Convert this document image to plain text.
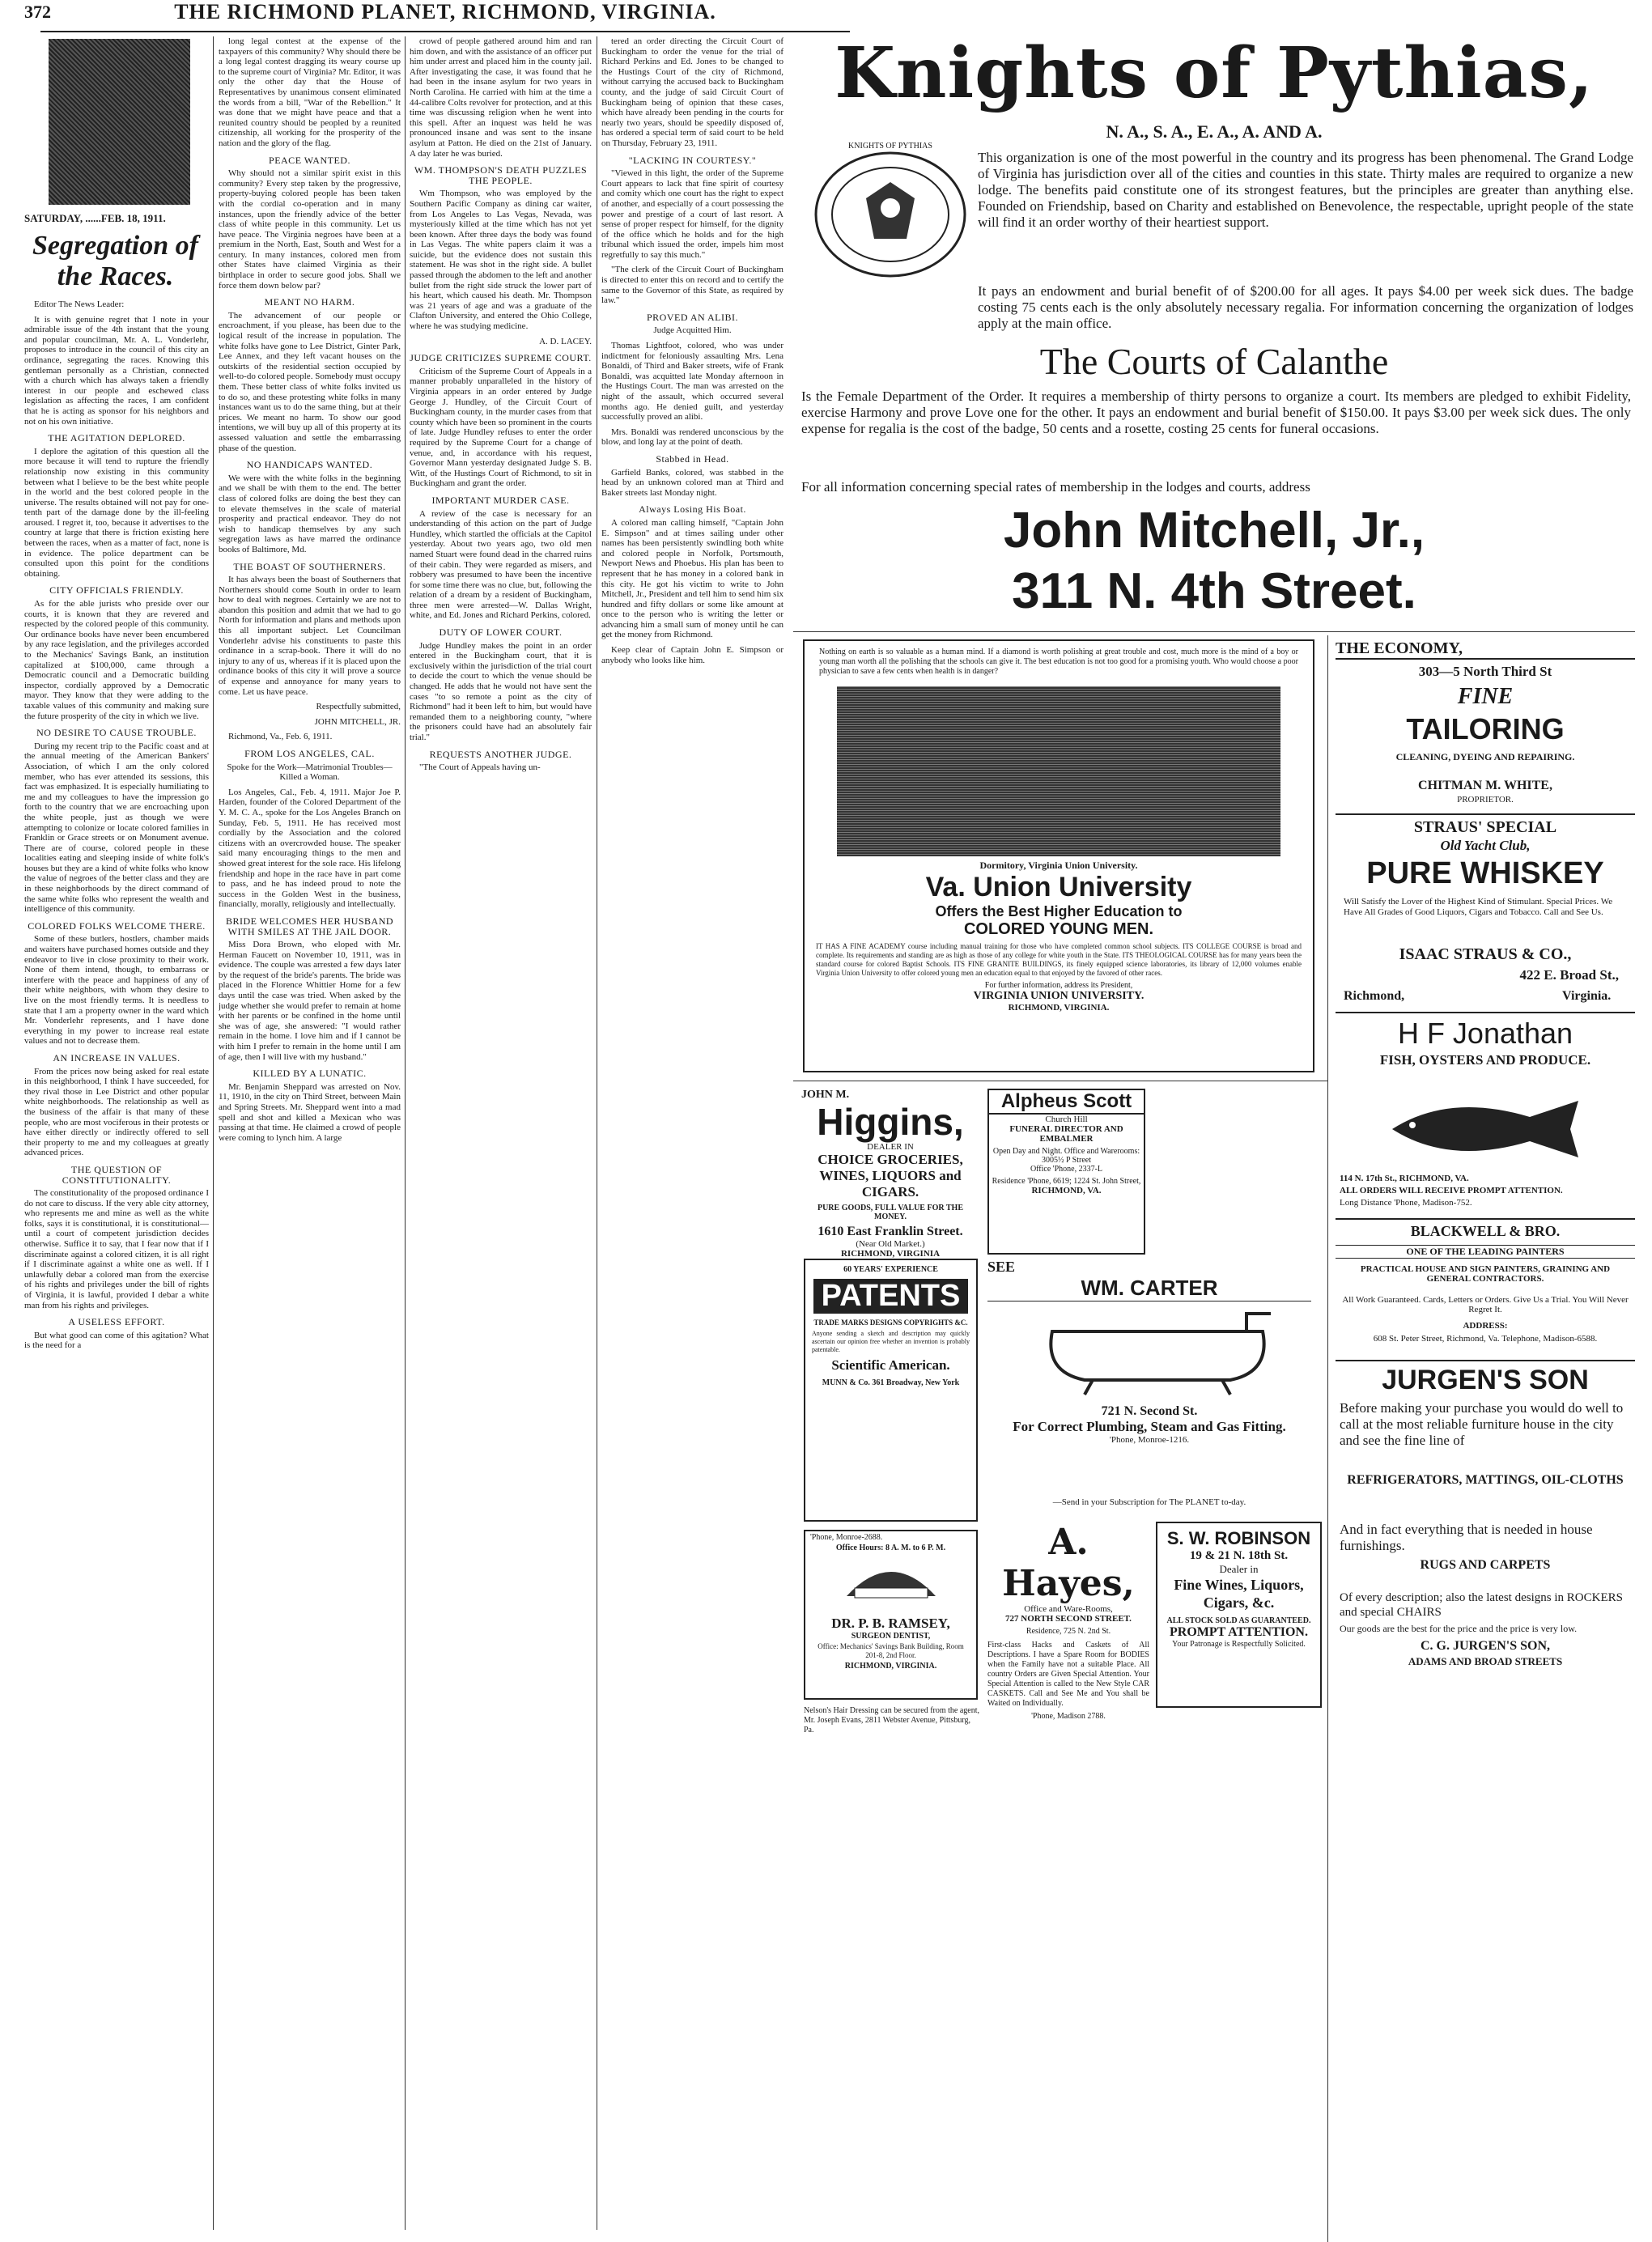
372	THE RICHMOND PLANET, RICHMOND, VIRGINIA.
SATURDAY, ......FEB. 18, 1911.
Segregation of the Races.

Editor The News Leader:

It is with genuine regret that I note in your admirable issue of the 4th instant that the young and popular councilman, Mr. A. L. Vonderlehr, proposes to introduce in the council of this city an ordinance, segregating the races. Knowing this gentleman personally as a Christian, connected with a church which has always taken a friendly interest in our people and eschewed class legislation as affecting the races, I am confident that he is acting as sponsor for his neighbors and not on his own initiative.

THE AGITATION DEPLORED.

I deplore the agitation of this question all the more because it will tend to rupture the friendly relationship now existing in this community between what I believe to be the best white people in the world and the best colored people in the universe. The results obtained will not pay for one-tenth part of the damage done by the ill-feeling aroused. I regret it, too, because it advertises to the country at large that there is friction existing here between the races, when as a matter of fact, none is in evidence. The police department can be consulted upon this point for the conditions obtaining.

CITY OFFICIALS FRIENDLY.

As for the able jurists who preside over our courts, it is known that they are revered and respected by the colored people of this community. Our ordinance books have never been encumbered by any race legislation, and the privileges accorded to the Mechanics' Savings Bank, an institution capitalized at $100,000, came through a Democratic council and a Democratic building inspector, cordially approved by a Democratic mayor. They know that they were adding to the taxable values of this community and making sure the future prosperity of the city in which we live.

NO DESIRE TO CAUSE TROUBLE.

During my recent trip to the Pacific coast and at the annual meeting of the American Bankers' Association, of which I am the only colored member, who has ever attended its sessions, this fact was emphasized. It is especially humiliating to me and my colleagues to have the impression go forth to the country that we are encroaching upon the white people, just as though we were attempting to colonize or locate colored families in Franklin or Grace streets or on Monument avenue. There are of course, colored people in these localities eating and sleeping inside of white folk's houses but they are a kind of white folks who know the value of negroes of the better class and they are in these neighborhoods by the direct command of the same white folks who represent the wealth and intelligence of this community.

COLORED FOLKS WELCOME THERE.

Some of these butlers, hostlers, chamber maids and waiters have purchased homes outside and they endeavor to live in close proximity to their work. None of them intend, though, to embarrass or interfere with the peace and happiness of any of their white neighbors, with whom they desire to live on the most friendly terms. It is needless to state that I am a property owner in the ward which Mr. Vonderlehr represents, and I have done everything in my power to increase real estate values and not to decrease them.

AN INCREASE IN VALUES.

From the prices now being asked for real estate in this neighborhood, I think I have succeeded, for they rival those in Lee District and other popular white neighborhoods. The relationship as well as the business of the affair is that many of these people, who are most vociferous in their protests or have either directly or indirectly offered to sell their property to me and my colleagues at greatly advanced prices.

THE QUESTION OF CONSTITUTIONALITY.

The constitutionality of the proposed ordinance I do not care to discuss. If the very able city attorney, who represents me and mine as well as the white folks, says it is constitutional, it is constitutional—until a court of competent jurisdiction decides otherwise. Suffice it to say, that I fear now that if I discriminate against a colored citizen, it is all right if I discriminate against a white one as well. If I unlawfully debar a colored man from the exercise of his rights and privileges under the bill of rights of Virginia, it is lawful, provided I debar a white man from his rights and privileges.

A USELESS EFFORT.

But what good can come of this agitation? What is the need for a

long legal contest at the expense of the taxpayers of this community? Why should there be a long legal contest dragging its weary course up to the supreme court of Virginia? Mr. Editor, it was only the other day that the House of Representatives by unanimous consent eliminated the words from a bill, "War of the Rebellion." It was done that we might have peace and that a reunited country should be peopled by a reunited citizenship, all working for the prosperity of the nation and the glory of the flag.

PEACE WANTED.

Why should not a similar spirit exist in this community? Every step taken by the progressive, property-buying colored people has been taken with the cordial co-operation and in many instances, upon the friendly advice of the better class of white people in this community. Let us have peace. The Virginia negroes have been at a premium in the North, East, South and West for a century. In many instances, colored men from other States have claimed Virginia as their birthplace in order to secure good jobs. Shall we force them down below par?

MEANT NO HARM.

The advancement of our people or encroachment, if you please, has been due to the logical result of the increase in population. The white folks have gone to Lee District, Ginter Park, Lee Annex, and they left vacant houses on the outskirts of the residential section occupied by well-to-do colored people. Somebody must occupy them. These better class of white folks invited us to do so, and these protesting white folks in many instances want us to do the same thing, but at their prices. We meant no harm. To show our good intentions, we will buy up all of this property at its assessed valuation and settle the embarrassing phase of the question.

NO HANDICAPS WANTED.

We were with the white folks in the beginning and we shall be with them to the end. The better class of colored folks are doing the best they can to elevate themselves in the scale of material prosperity and practical endeavor. They do not wish to handicap themselves by any such segregation laws as have marred the ordinance books of Baltimore, Md.

THE BOAST OF SOUTHERNERS.

It has always been the boast of Southerners that Northerners should come South in order to learn how to deal with negroes. Certainly we are not to abandon this position and admit that we had to go North for information and plans and methods upon this all important subject. Let Councilman Vonderlehr advise his constituents to paste this ordinance in a scrap-book. There it will do no injury to any of us, whereas if it is placed upon the ordinance books of this city it will prove a source of expense and annoyance for many years to come. Let us have peace.

Respectfully submitted,

JOHN MITCHELL, JR.

Richmond, Va., Feb. 6, 1911.

FROM LOS ANGELES, CAL.

Spoke for the Work—Matrimonial Troubles—Killed a Woman.

Los Angeles, Cal., Feb. 4, 1911. Major Joe P. Harden, founder of the Colored Department of the Y. M. C. A., spoke for the Los Angeles Branch on Sunday, Feb. 5, 1911. He has received most cordially by the Association and the colored citizens with an overcrowded house. The speaker said many encouraging things to the men and showed great interest for the sole race. His lifelong friendship and hope in the race have in part come to pass, and he has indeed proud to note the success in the Golden West in the business, financially, morally, religiously and intellectually.

BRIDE WELCOMES HER HUSBAND WITH SMILES AT THE JAIL DOOR.

Miss Dora Brown, who eloped with Mr. Herman Faucett on November 10, 1911, was in evidence. The couple was arrested a few days later by the request of the bride's parents. The bride was placed in the Florence Whittier Home for a few days until the case was tried. When asked by the judge whether she would prefer to remain at home with her parents or be confined in the home until she was of age, she answered: "I would rather remain in the home. I love him and if I cannot be with him I prefer to remain in the home until I am of age, then I will live with my husband."

KILLED BY A LUNATIC.

Mr. Benjamin Sheppard was arrested on Nov. 11, 1910, in the city on Third Street, between Main and Spring Streets. Mr. Sheppard went into a mad spell and shot and killed a Mexican who was passing at that time. He claimed a crowd of people were coming to lynch him. A large

crowd of people gathered around him and ran him down, and with the assistance of an officer put him under arrest and placed him in the county jail. After investigating the case, it was found that he had been in the insane asylum for two years in North Carolina. He carried with him at the time a 44-calibre Colts revolver for protection, and at this time was discussing religion when he went into this spell. After an inquest was held he was pronounced insane and was sent to the insane asylum at Patton. He died on the 21st of January. A day later he was buried.

WM. THOMPSON'S DEATH PUZZLES THE PEOPLE.

Wm Thompson, who was employed by the Southern Pacific Company as dining car waiter, from Los Angeles to Las Vegas, Nevada, was mysteriously killed at the time which has not yet been known. After three days the body was found in Las Vegas. The white papers claim it was a suicide, but the evidence does not sustain this statement. He was shot in the right side. A bullet passed through the abdomen to the left and another bullet from the right side struck the lower part of his heart, which caused his death. Mr. Thompson was 21 years of age and was a graduate of the Clafton University, and entered the Ohio College, where he was studying medicine.

A. D. LACEY.

JUDGE CRITICIZES SUPREME COURT.

Criticism of the Supreme Court of Appeals in a manner probably unparalleled in the history of Virginia appears in an order entered by Judge George J. Hundley, of the Circuit Court of Buckingham county, in the murder cases from that county which have been so prominent in the courts of late. Judge Hundley refuses to enter the order required by the Supreme Court for a change of venue, and, in accordance with his request, Governor Mann yesterday designated Judge S. B. Witt, of the Hustings Court of Richmond, to sit in Buckingham and grant the order.

IMPORTANT MURDER CASE.

A review of the case is necessary for an understanding of this action on the part of Judge Hundley, which startled the officials at the Capitol yesterday. About two years ago, two old men named Stuart were found dead in the charred ruins of their cabin. They were regarded as misers, and robbery was presumed to have been the incentive for some time there was no clue, but, following the relation of a dream by a resident of Buckingham, three men were arrested—W. Dallas Wright, white, and Ed. Jones and Richard Perkins, colored.

DUTY OF LOWER COURT.

Judge Hundley makes the point in an order entered in the Buckingham court, that it is exclusively within the jurisdiction of the trial court to decide the court to which the venue should be changed. He adds that he would not have sent the cases "to so remote a point as the city of Richmond" had it been left to him, but would have remanded them to a neighboring county, "where the prisoners could have had an absolutely fair trial."

REQUESTS ANOTHER JUDGE.

"The Court of Appeals having un-

tered an order directing the Circuit Court of Buckingham to order the venue for the trial of Richard Perkins and Ed. Jones to be changed to the Hustings Court of the city of Richmond, without carrying the accused back to Buckingham county, and the judge of said Circuit Court of Buckingham being of opinion that these cases, which have already been pending in the courts for nearly two years, should be speedily disposed of, has ordered a special term of said court to be held on Thursday, February 23, 1911.

"LACKING IN COURTESY."

"Viewed in this light, the order of the Supreme Court appears to lack that fine spirit of courtesy and comity which one court has the right to expect of another, and especially of a court possessing the power and prestige of a court of last resort. A sense of proper respect for himself, for the dignity of the office which he holds and for the high tribunal which issued the order, impels him most regretfully to say this much."

"The clerk of the Circuit Court of Buckingham is directed to enter this on record and to certify the same to the Governor of this State, as required by law."

PROVED AN ALIBI.

Judge Acquitted Him.

Thomas Lightfoot, colored, who was under indictment for feloniously assaulting Mrs. Lena Bonaldi, of Third and Baker streets, wife of Frank Bonaldi, was acquitted late Monday afternoon in the Hustings Court. The man was arrested on the night of the assault, which occurred several months ago. He denied guilt, and yesterday successfully proved an alibi.

Mrs. Bonaldi was rendered unconscious by the blow, and long lay at the point of death.

Stabbed in Head.

Garfield Banks, colored, was stabbed in the head by an unknown colored man at Third and Baker streets last Monday night.

Always Losing His Boat.

A colored man calling himself, "Captain John E. Simpson" and at times sailing under other names has been persistently swindling both white and colored people in Norfolk, Portsmouth, Newport News and Phoebus. His plan has been to represent that he has money in a colored bank in this city. He got his victim to write to John Mitchell, Jr., President and tell him to send him six hundred and fifty dollars or some like amount at once to the person who is writing the letter or advancing him a small sum of money until he can get the money from Richmond.

Keep clear of Captain John E. Simpson or anybody who looks like him.

Knights of Pythias,
N. A., S. A., E. A., A. AND A.
KNIGHTS OF PYTHIAS
This organization is one of the most powerful in the country and its progress has been phenomenal. The Grand Lodge of Virginia has jurisdiction over all of the cities and counties in this state. Thirty males are required to organize a new lodge. The benefits paid constitute one of its strongest features, but the principles are greater than anything else. Founded on Friendship, based on Charity and established on Benevolence, the respectable, upright people of the state will find it an order worthy of their heartiest support.
It pays an endowment and burial benefit of of $200.00 for all ages. It pays $4.00 per week sick dues. The badge costing 75 cents each is the only absolutely necessary regalia. For information concerning the organization of lodges apply at the main office.
The Courts of Calanthe
Is the Female Department of the Order. It requires a membership of thirty persons to organize a court. Its members are pledged to exhibit Fidelity, exercise Harmony and prove Love one for the other. It pays an endowment and burial benefit of $150.00. It pays $3.00 per week sick dues. The only expense for regalia is the cost of the badge, 50 cents and a rosette, costing 25 cents for funeral occasions.
For all information concerning special rates of membership in the lodges and courts, address
John Mitchell, Jr.,
311 N. 4th Street.
Nothing on earth is so valuable as a human mind. If a diamond is worth polishing at great trouble and cost, much more is the mind of a boy or young man worth all the polishing that the schools can give it. The best education is not too good for a promising youth. Who would choose a poor physician to save a few cents when health is in danger?
Dormitory, Virginia Union University.
Va. Union University
Offers the Best Higher Education to
COLORED YOUNG MEN.
IT HAS A FINE ACADEMY course including manual training for those who have completed common school subjects. ITS COLLEGE COURSE is broad and complete. Its requirements and standing are as high as those of any college for white youth in the State. ITS THEOLOGICAL COURSE has for many years been the standard course for colored Baptist Schools. ITS FINE GRANITE BUILDINGS, its finely equipped science laboratories, its library of 12,000 volumes enable Virginia Union University to offer colored young men an education equal to that enjoyed by the favored of other races.
For further information, address its President,
VIRGINIA UNION UNIVERSITY.
RICHMOND, VIRGINIA.
THE ECONOMY,
303—5 North Third St
FINE
TAILORING
CLEANING, DYEING AND REPAIRING.
CHITMAN M. WHITE,
PROPRIETOR.
STRAUS' SPECIAL
Old Yacht Club,
PURE WHISKEY
Will Satisfy the Lover of the Highest Kind of Stimulant. Special Prices. We Have All Grades of Good Liquors, Cigars and Tobacco. Call and See Us.
ISAAC STRAUS & CO.,
422 E. Broad St.,
Richmond,	Virginia.
H F Jonathan
FISH, OYSTERS AND PRODUCE.
114 N. 17th St., RICHMOND, VA.
ALL ORDERS WILL RECEIVE PROMPT ATTENTION.
Long Distance 'Phone, Madison-752.
BLACKWELL & BRO.
ONE OF THE LEADING PAINTERS
PRACTICAL HOUSE AND SIGN PAINTERS, GRAINING AND GENERAL CONTRACTORS.
All Work Guaranteed. Cards, Letters or Orders. Give Us a Trial. You Will Never Regret It.
ADDRESS:
608 St. Peter Street, Richmond, Va. Telephone, Madison-6588.
JURGEN'S SON
Before making your purchase you would do well to call at the most reliable furniture house in the city and see the fine line of
REFRIGERATORS, MATTINGS, OIL-CLOTHS
And in fact everything that is needed in house furnishings.
RUGS AND CARPETS
Of every description; also the latest designs in ROCKERS and special CHAIRS
Our goods are the best for the price and the price is very low.
C. G. JURGEN'S SON,
ADAMS AND BROAD STREETS
JOHN M.
Higgins,
DEALER IN
CHOICE GROCERIES, WINES, LIQUORS and CIGARS.
PURE GOODS, FULL VALUE FOR THE MONEY.
1610 East Franklin Street.
(Near Old Market.)
RICHMOND, VIRGINIA
60 YEARS' EXPERIENCE
PATENTS
TRADE MARKS DESIGNS COPYRIGHTS &C.
Anyone sending a sketch and description may quickly ascertain our opinion free whether an invention is probably patentable.
Scientific American.
MUNN & Co. 361 Broadway, New York
Alpheus Scott
Church Hill
FUNERAL DIRECTOR AND EMBALMER
Open Day and Night. Office and Warerooms: 3005½ P Street
Office 'Phone, 2337-L
Residence 'Phone, 6619; 1224 St. John Street,
RICHMOND, VA.
SEE
WM. CARTER
721 N. Second St.
For Correct Plumbing, Steam and Gas Fitting.
'Phone, Monroe-1216.
—Send in your Subscription for The PLANET to-day.
'Phone, Monroe-2688.
Office Hours: 8 A. M. to 6 P. M.
DR. P. B. RAMSEY,
SURGEON DENTIST,
Office: Mechanics' Savings Bank Building, Room 201-8, 2nd Floor.
RICHMOND, VIRGINIA.
Nelson's Hair Dressing can be secured from the agent, Mr. Joseph Evans, 2811 Webster Avenue, Pittsburg, Pa.
A. Hayes,
Office and Ware-Rooms,
727 NORTH SECOND STREET.
Residence, 725 N. 2nd St.
First-class Hacks and Caskets of All Descriptions. I have a Spare Room for BODIES when the Family have not a suitable Place. All country Orders are Given Special Attention. Your Special Attention is called to the New Style CAR CASKETS. Call and See Me and You shall be Waited on Individually.
'Phone, Madison 2788.
S. W. ROBINSON
19 & 21 N. 18th St.
Dealer in
Fine Wines, Liquors, Cigars, &c.
ALL STOCK SOLD AS GUARANTEED.
PROMPT ATTENTION.
Your Patronage is Respectfully Solicited.
